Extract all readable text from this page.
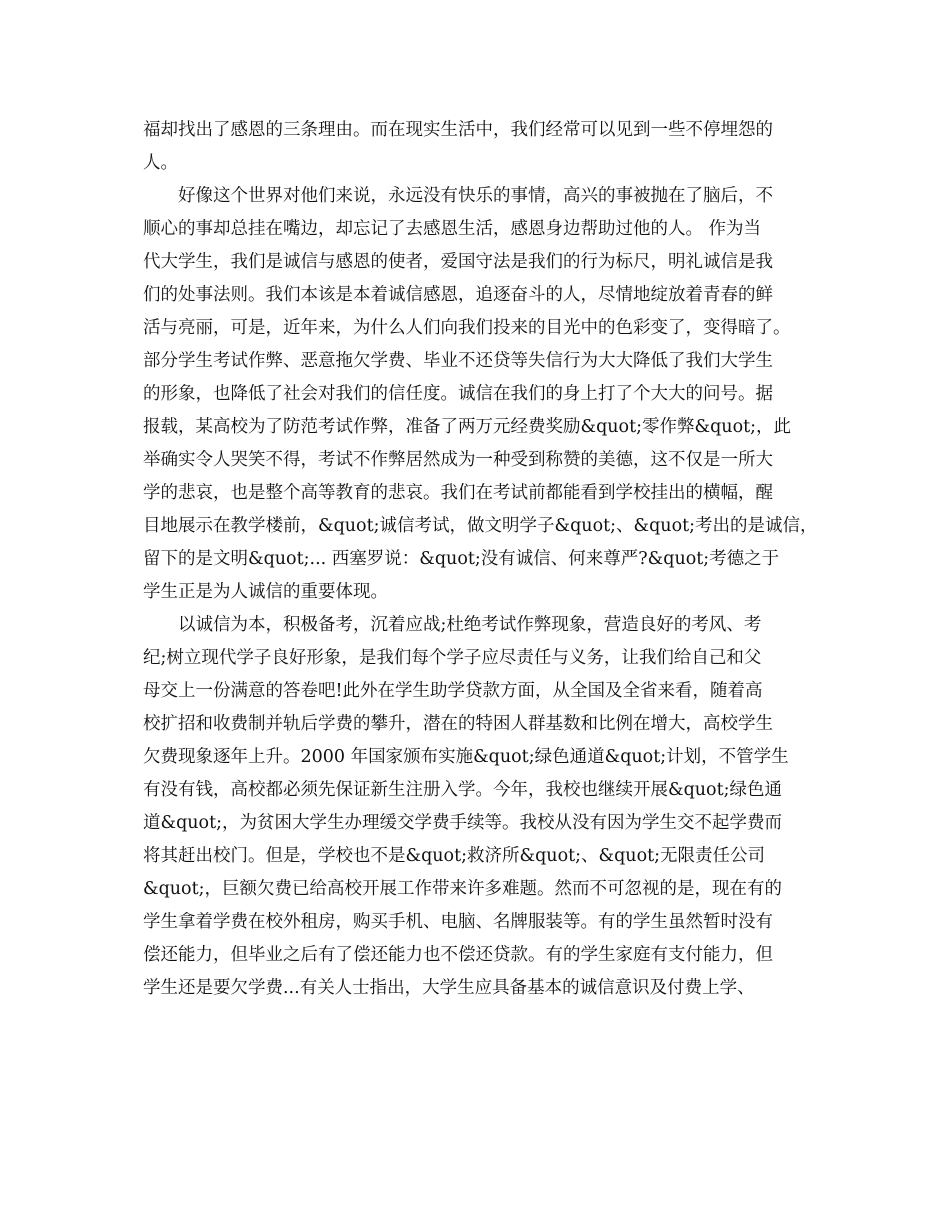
福却找出了感恩的三条理由。而在现实生活中，我们经常可以见到一些不停埋怨的
人。
好像这个世界对他们来说，永远没有快乐的事情，高兴的事被抛在了脑后，不
顺心的事却总挂在嘴边，却忘记了去感恩生活，感恩身边帮助过他的人。 作为当
代大学生，我们是诚信与感恩的使者，爱国守法是我们的行为标尺，明礼诚信是我
们的处事法则。我们本该是本着诚信感恩，追逐奋斗的人，尽情地绽放着青春的鲜
活与亮丽，可是，近年来，为什么人们向我们投来的目光中的色彩变了，变得暗了。
部分学生考试作弊、恶意拖欠学费、毕业不还贷等失信行为大大降低了我们大学生
的形象，也降低了社会对我们的信任度。诚信在我们的身上打了个大大的问号。据
报载，某高校为了防范考试作弊，准备了两万元经费奖励&quot;零作弊&quot;，此
举确实令人哭笑不得，考试不作弊居然成为一种受到称赞的美德，这不仅是一所大
学的悲哀，也是整个高等教育的悲哀。我们在考试前都能看到学校挂出的横幅，醒
目地展示在教学楼前，&quot;诚信考试，做文明学子&quot;、&quot;考出的是诚信，
留下的是文明&quot;... 西塞罗说：&quot;没有诚信、何来尊严?&quot;考德之于
学生正是为人诚信的重要体现。
以诚信为本，积极备考，沉着应战;杜绝考试作弊现象，营造良好的考风、考
纪;树立现代学子良好形象，是我们每个学子应尽责任与义务，让我们给自己和父
母交上一份满意的答卷吧!此外在学生助学贷款方面，从全国及全省来看，随着高
校扩招和收费制并轨后学费的攀升，潜在的特困人群基数和比例在增大，高校学生
欠费现象逐年上升。2000 年国家颁布实施&quot;绿色通道&quot;计划，不管学生
有没有钱，高校都必须先保证新生注册入学。今年，我校也继续开展&quot;绿色通
道&quot;，为贫困大学生办理缓交学费手续等。我校从没有因为学生交不起学费而
将其赶出校门。但是，学校也不是&quot;救济所&quot;、&quot;无限责任公司
&quot;，巨额欠费已给高校开展工作带来许多难题。然而不可忽视的是，现在有的
学生拿着学费在校外租房，购买手机、电脑、名牌服装等。有的学生虽然暂时没有
偿还能力，但毕业之后有了偿还能力也不偿还贷款。有的学生家庭有支付能力，但
学生还是要欠学费...有关人士指出，大学生应具备基本的诚信意识及付费上学、
